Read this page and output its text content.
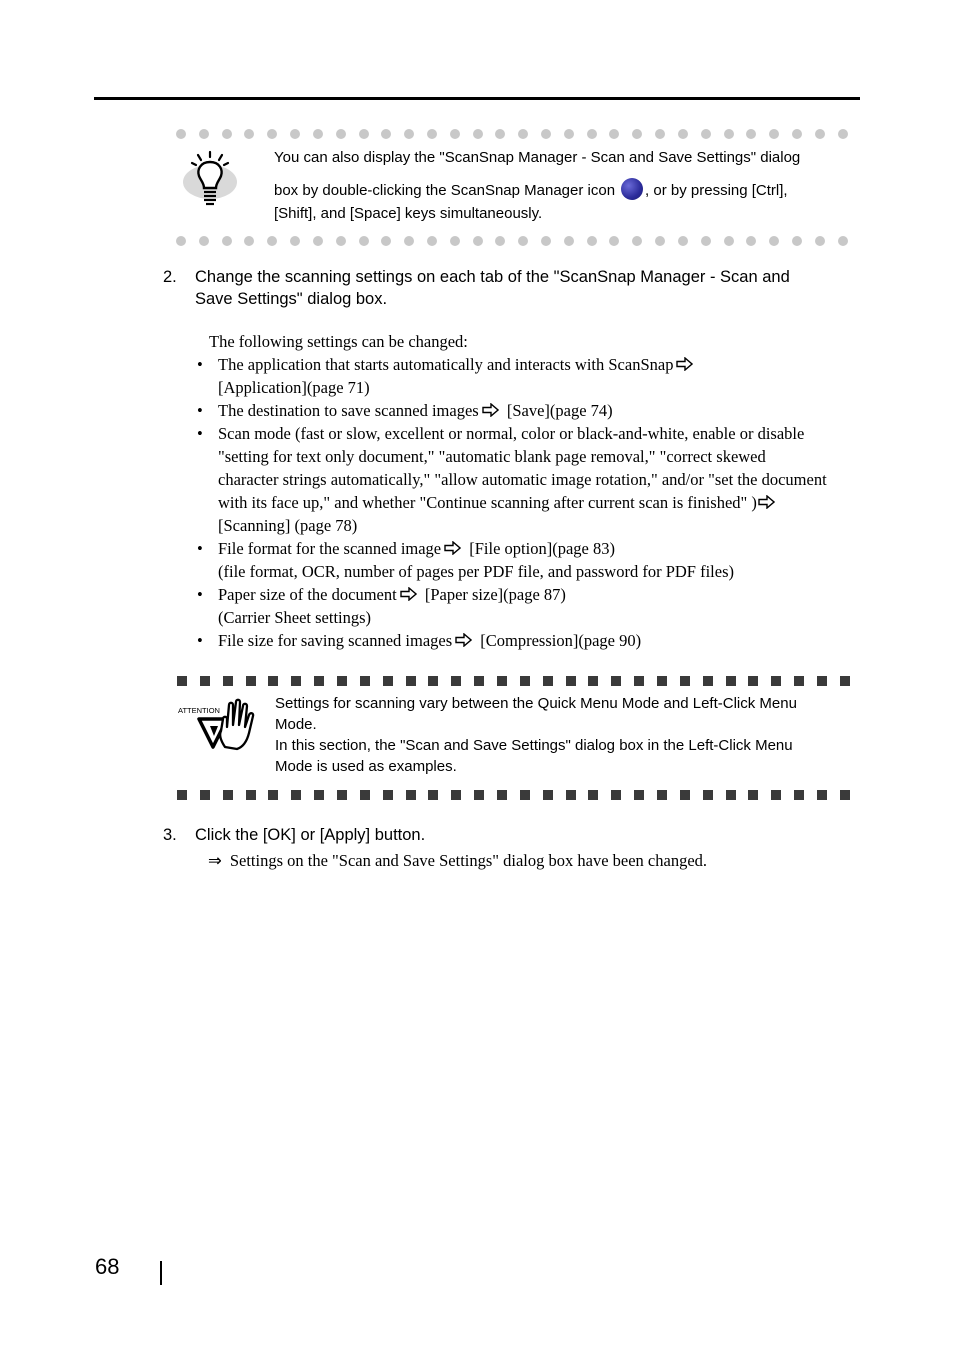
You can also display the "ScanSnap Manager - Scan and Save Settings" dialog

box by double-clicking the ScanSnap Manager icon , or by pressing [Ctrl],

[Shift], and [Space] keys simultaneously.

2. Change the scanning settings on each tab of the "ScanSnap Manager - Scan and
Save Settings" dialog box.
The following settings can be changed:
• The application that starts automatically and interacts with ScanSnap
[Application](page 71)
• The destination to save scanned images [Save](page 74)
• Scan mode (fast or slow, excellent or normal, color or black-and-white, enable or disable
"setting for text only document," "automatic blank page removal," "correct skewed
character strings automatically," "allow automatic image rotation," and/or "set the document
with its face up," and whether "Continue scanning after current scan is finished" )
[Scanning] (page 78)
• File format for the scanned image [File option](page 83)
(file format, OCR, number of pages per PDF file, and password for PDF files)
• Paper size of the document [Paper size](page 87)
(Carrier Sheet settings)
• File size for saving scanned images [Compression](page 90)
ATTENTION	Settings for scanning vary between the Quick Menu Mode and Left-Click Menu

Mode.

In this section, the "Scan and Save Settings" dialog box in the Left-Click Menu

Mode is used as examples.

3. Click the [OK] or [Apply] button.
⇒ Settings on the "Scan and Save Settings" dialog box have been changed.
68
